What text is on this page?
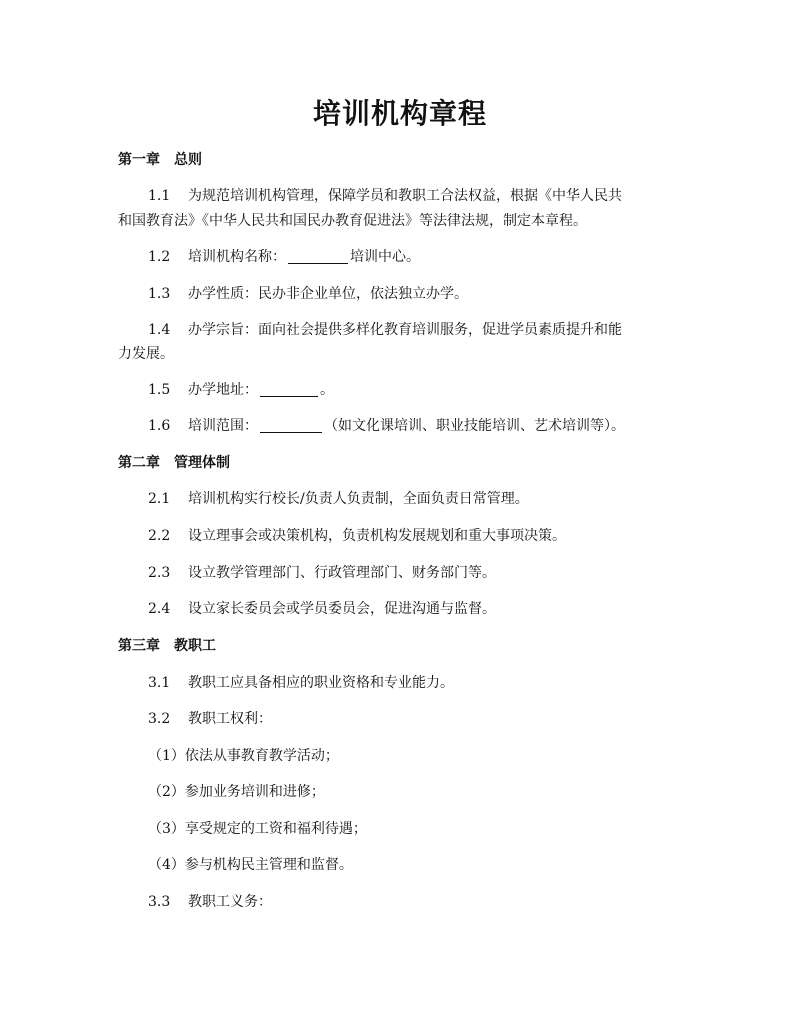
培训机构章程
第一章　总则
1.1 为规范培训机构管理，保障学员和教职工合法权益，根据《中华人民共
和国教育法》《中华人民共和国民办教育促进法》等法律法规，制定本章程。
1.2 培训机构名称：	培训中心。
1.3 办学性质：民办非企业单位，依法独立办学。
1.4 办学宗旨：面向社会提供多样化教育培训服务，促进学员素质提升和能
力发展。
1.5 办学地址：	。
1.6 培训范围：	（如文化课培训、职业技能培训、艺术培训等）。
第二章　管理体制
2.1 培训机构实行校长/负责人负责制，全面负责日常管理。
2.2 设立理事会或决策机构，负责机构发展规划和重大事项决策。
2.3 设立教学管理部门、行政管理部门、财务部门等。
2.4 设立家长委员会或学员委员会，促进沟通与监督。
第三章　教职工
3.1 教职工应具备相应的职业资格和专业能力。
3.2 教职工权利：
（1）依法从事教育教学活动；
（2）参加业务培训和进修；
（3）享受规定的工资和福利待遇；
（4）参与机构民主管理和监督。
3.3 教职工义务：
